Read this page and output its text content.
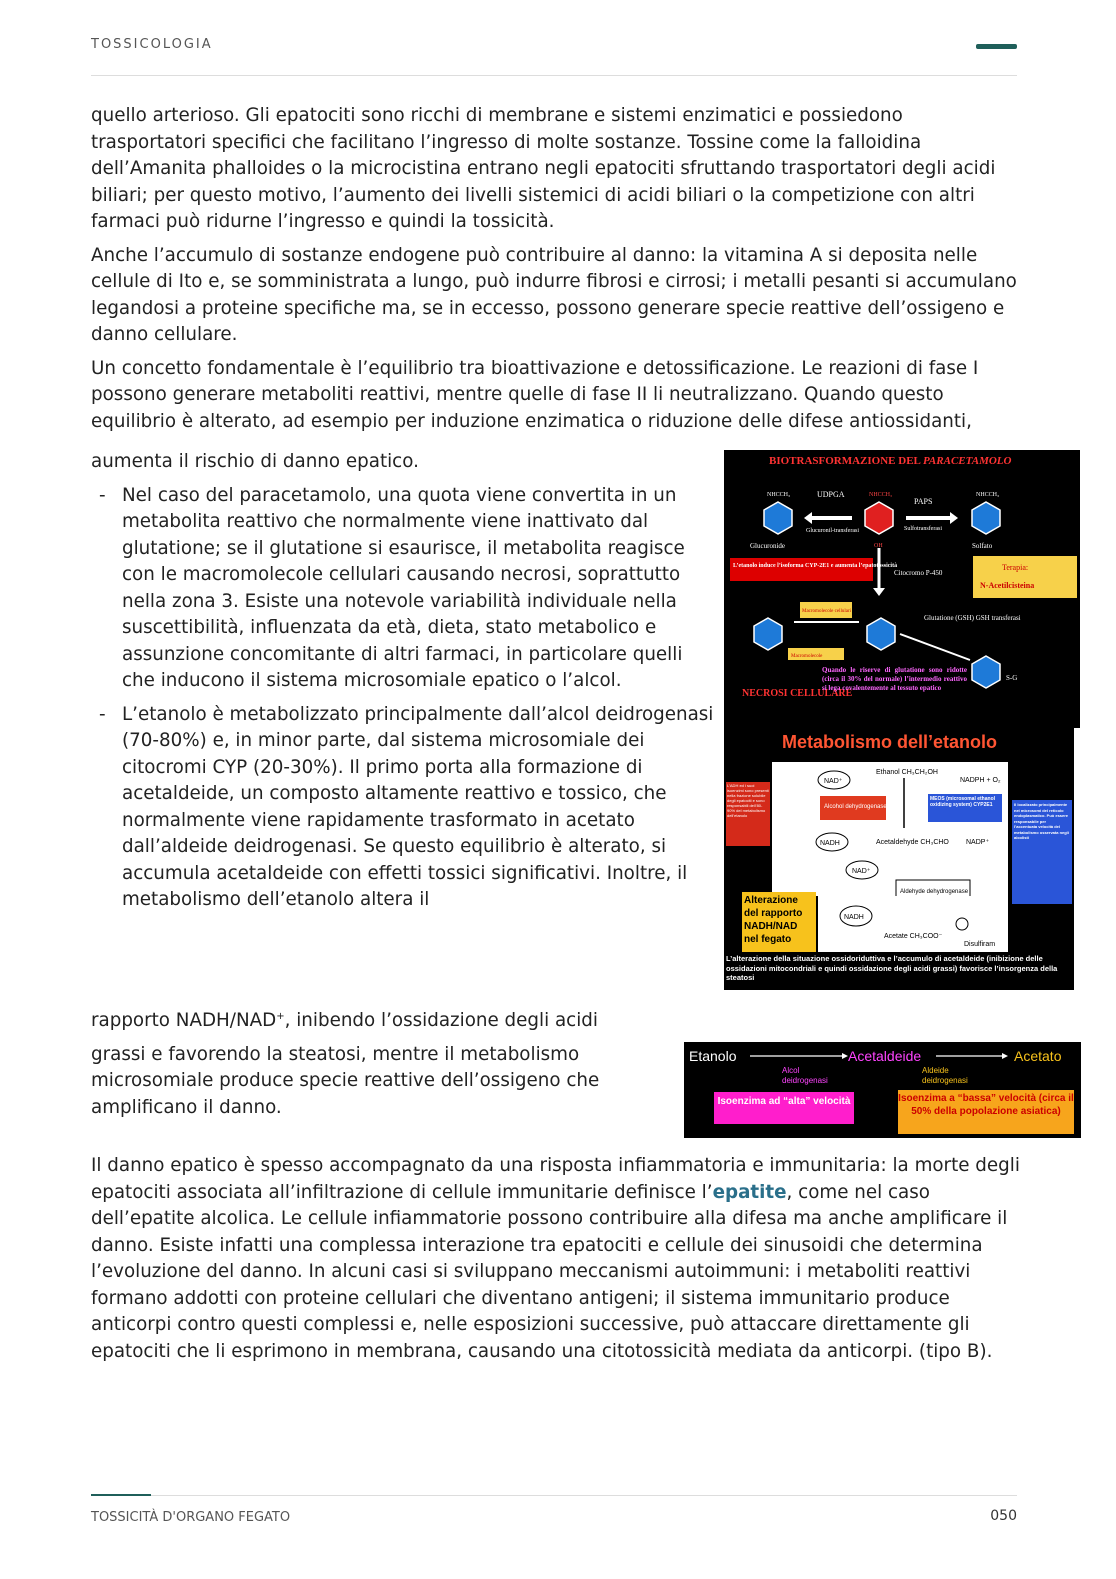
TOSSICOLOGIA

quello arterioso. Gli epatociti sono ricchi di membrane e sistemi enzimatici e possiedono trasportatori specifici che facilitano l’ingresso di molte sostanze. Tossine come la falloidina dell’Amanita phalloides o la microcistina entrano negli epatociti sfruttando trasportatori degli acidi biliari; per questo motivo, l’aumento dei livelli sistemici di acidi biliari o la competizione con altri farmaci può ridurne l’ingresso e quindi la tossicità.

Anche l’accumulo di sostanze endogene può contribuire al danno: la vitamina A si deposita nelle cellule di Ito e, se somministrata a lungo, può indurre fibrosi e cirrosi; i metalli pesanti si accumulano legandosi a proteine specifiche ma, se in eccesso, possono generare specie reattive dell’ossigeno e danno cellulare.

Un concetto fondamentale è l’equilibrio tra bioattivazione e detossificazione. Le reazioni di fase I possono generare metaboliti reattivi, mentre quelle di fase II li neutralizzano. Quando questo equilibrio è alterato, ad esempio per induzione enzimatica o riduzione delle difese antiossidanti,

aumenta il rischio di danno epatico.

- Nel caso del paracetamolo, una quota viene convertita in un metabolita reattivo che normalmente viene inattivato dal glutatione; se il glutatione si esaurisce, il metabolita reagisce con le macromolecole cellulari causando necrosi, soprattutto nella zona 3. Esiste una notevole variabilità individuale nella suscettibilità, influenzata da età, dieta, stato metabolico e assunzione concomitante di altri farmaci, in particolare quelli che inducono il sistema microsomiale epatico o l’alcol.
- L’etanolo è metabolizzato principalmente dall’alcol deidrogenasi (70-80%) e, in minor parte, dal sistema microsomiale dei citocromi CYP (20-30%). Il primo porta alla formazione di acetaldeide, un composto altamente reattivo e tossico, che normalmente viene rapidamente trasformato in acetato dall’aldeide deidrogenasi. Se questo equilibrio è alterato, si accumula acetaldeide con effetti tossici significativi. Inoltre, il metabolismo dell’etanolo altera il
BIOTRASFORMAZIONE DEL PARACETAMOLO
NHCCH₃	NHCCH₃	NHCCH₃
UDPGA
PAPS
Glucuronil-transferasi	Sulfotransferasi
Glucuronide	Solfato
OH
L’etanolo induce l’isoforma CYP-2E1 e aumenta l’epatotossicità
Citocromo P-450
Terapia:
N-Acetilcisteina
Macromolecole cellulari
Macromolecole
Glutatione (GSH) GSH transferasi
S-G
NECROSI CELLULARE
Quando le riserve di glutatione sono ridotte (circa il 30% del normale) l’intermedio reattivo si lega covalentemente al tessuto epatico
Metabolismo dell’etanolo
L’ADH ed i suoi isoenzimi sono presenti nella frazione solubile degli epatociti e sono responsabili dell’80-90% del metabolismo dell’etanolo
NAD⁺
Ethanol CH₃CH₂OH
NADPH + O₂
Alcohol dehydrogenase
MEOS (microsomal ethanol oxidizing system) CYP2E1
NADH	Acetaldehyde CH₃CHO NADP⁺
NAD⁺
Aldehyde dehydrogenase
Il localizzato principalmente nei microsomi del reticolo endoplasmatico. Può essere responsabile per l’accentuata velocità del metabolismo osservata negli alcolisti
Alterazione del rapporto NADH/NAD nel fegato
NADH
Acetate CH₃COO⁻
Disulfiram
L’alterazione della situazione ossidoriduttiva e l’accumulo di acetaldeide (inibizione delle ossidazioni mitocondriali e quindi ossidazione degli acidi grassi) favorisce l’insorgenza della steatosi

rapporto NADH/NAD+, inibendo l’ossidazione degli acidi

grassi e favorendo la steatosi, mentre il metabolismo microsomiale produce specie reattive dell’ossigeno che amplificano il danno.

Etanolo	Acetaldeide	Acetato
Alcol deidrogenasi
Aldeide deidrogenasi
Isoenzima ad “alta” velocità	Isoenzima a “bassa” velocità (circa il 50% della popolazione asiatica)

Il danno epatico è spesso accompagnato da una risposta infiammatoria e immunitaria: la morte degli epatociti associata all’infiltrazione di cellule immunitarie definisce l’epatite, come nel caso dell’epatite alcolica. Le cellule infiammatorie possono contribuire alla difesa ma anche amplificare il danno. Esiste infatti una complessa interazione tra epatociti e cellule dei sinusoidi che determina l’evoluzione del danno. In alcuni casi si sviluppano meccanismi autoimmuni: i metaboliti reattivi formano addotti con proteine cellulari che diventano antigeni; il sistema immunitario produce anticorpi contro questi complessi e, nelle esposizioni successive, può attaccare direttamente gli epatociti che li esprimono in membrana, causando una citotossicità mediata da anticorpi. (tipo B).

TOSSICITÀ D'ORGANO FEGATO	050
